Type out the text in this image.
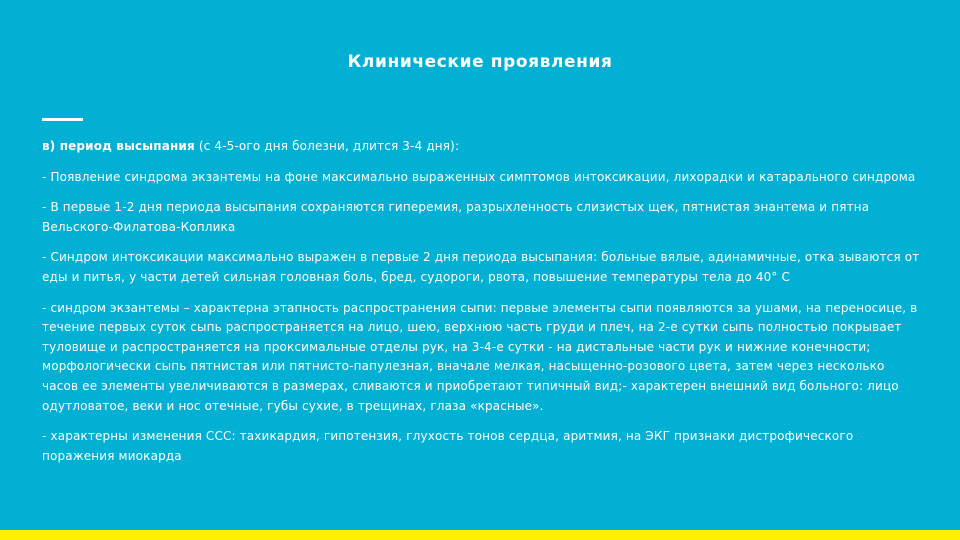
Клинические проявления

в) период высыпания (с 4-5-ого дня болезни, длится 3-4 дня):

- Появление синдрома экзантемы на фоне максимально выраженных симптомов интоксикации, лихорадки и катарального синдрома

- В первые 1-2 дня периода высыпания сохраняются гиперемия, разрыхленность слизистых щек, пятнистая энантема и пятна Вельского-Филатова-Коплика

- Синдром интоксикации максимально выражен в первые 2 дня периода высыпания: больные вялые, адинамичные, отка зываются от еды и питья, у части детей сильная головная боль, бред, судороги, рвота, повышение температуры тела до 40° С

- синдром экзантемы – характерна этапность распространения сыпи: первые элементы сыпи появляются за ушами, на переносице, в течение первых суток сыпь распространяется на лицо, шею, верхнюю часть груди и плеч, на 2-е сутки сыпь полностью покрывает туловище и распространяется на проксимальные отделы рук, на 3-4-е сутки - на дистальные части рук и нижние конечности; морфологически сыпь пятнистая или пятнисто-папулезная, вначале мелкая, насыщенно-розового цвета, затем через несколько часов ее элементы увеличиваются в размерах, сливаются и приобретают типичный вид;- характерен внешний вид больного: лицо одутловатое, веки и нос отечные, губы сухие, в трещинах, глаза «красные».

- характерны изменения ССС: тахикардия, гипотензия, глухость тонов сердца, аритмия, на ЭКГ признаки дистрофического поражения миокарда
